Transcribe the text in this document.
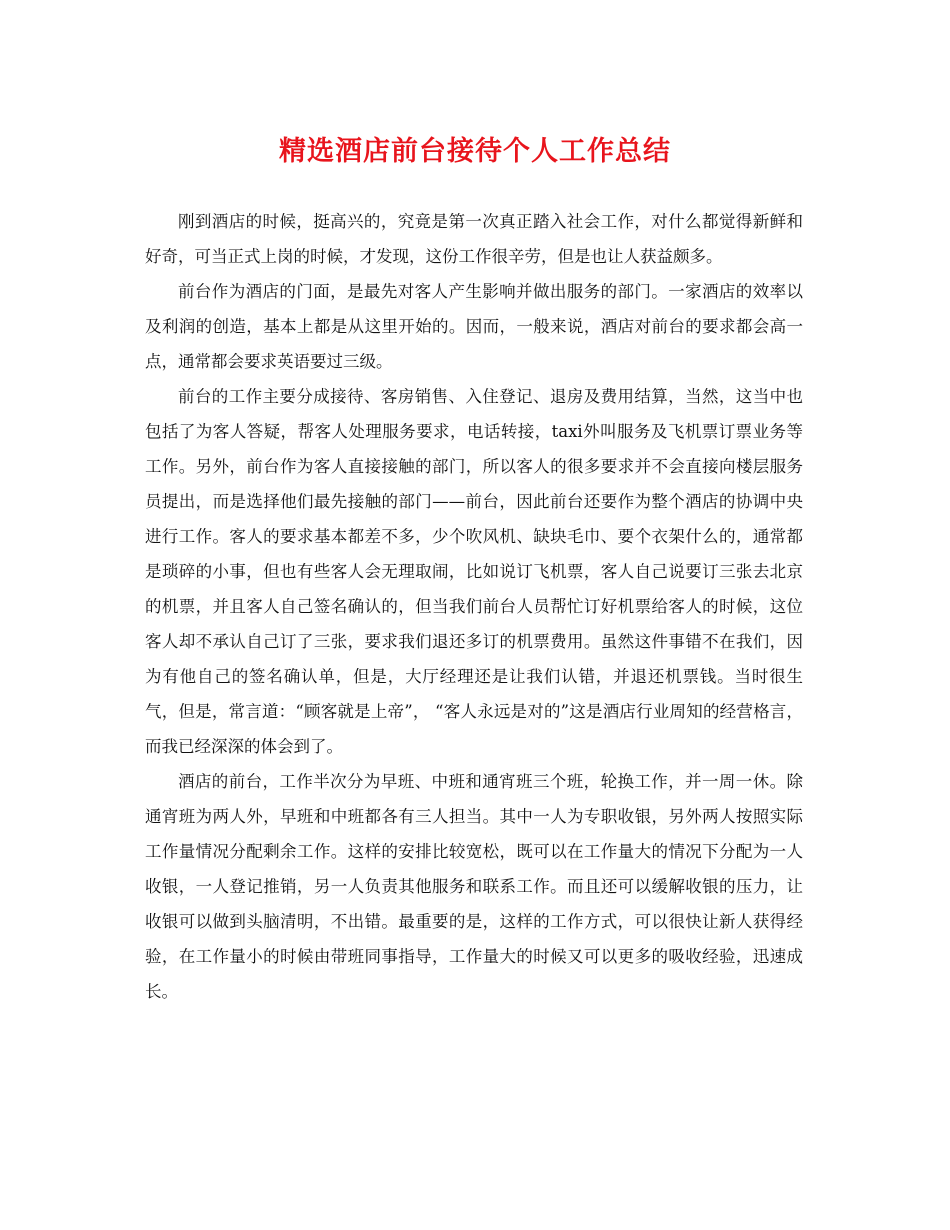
精选酒店前台接待个人工作总结

刚到酒店的时候，挺高兴的，究竟是第一次真正踏入社会工作，对什么都觉得新鲜和好奇，可当正式上岗的时候，才发现，这份工作很辛劳，但是也让人获益颇多。

前台作为酒店的门面，是最先对客人产生影响并做出服务的部门。一家酒店的效率以及利润的创造，基本上都是从这里开始的。因而，一般来说，酒店对前台的要求都会高一点，通常都会要求英语要过三级。

前台的工作主要分成接待、客房销售、入住登记、退房及费用结算，当然，这当中也包括了为客人答疑，帮客人处理服务要求，电话转接，taxi外叫服务及飞机票订票业务等工作。另外，前台作为客人直接接触的部门，所以客人的很多要求并不会直接向楼层服务员提出，而是选择他们最先接触的部门——前台，因此前台还要作为整个酒店的协调中央进行工作。客人的要求基本都差不多，少个吹风机、缺块毛巾、要个衣架什么的，通常都是琐碎的小事，但也有些客人会无理取闹，比如说订飞机票，客人自己说要订三张去北京的机票，并且客人自己签名确认的，但当我们前台人员帮忙订好机票给客人的时候，这位客人却不承认自己订了三张，要求我们退还多订的机票费用。虽然这件事错不在我们，因为有他自己的签名确认单，但是，大厅经理还是让我们认错，并退还机票钱。当时很生气，但是，常言道：“顾客就是上帝”， “客人永远是对的”这是酒店行业周知的经营格言，而我已经深深的体会到了。

酒店的前台，工作半次分为早班、中班和通宵班三个班，轮换工作，并一周一休。除通宵班为两人外，早班和中班都各有三人担当。其中一人为专职收银，另外两人按照实际工作量情况分配剩余工作。这样的安排比较宽松，既可以在工作量大的情况下分配为一人收银，一人登记推销，另一人负责其他服务和联系工作。而且还可以缓解收银的压力，让收银可以做到头脑清明，不出错。最重要的是，这样的工作方式，可以很快让新人获得经验，在工作量小的时候由带班同事指导，工作量大的时候又可以更多的吸收经验，迅速成长。
